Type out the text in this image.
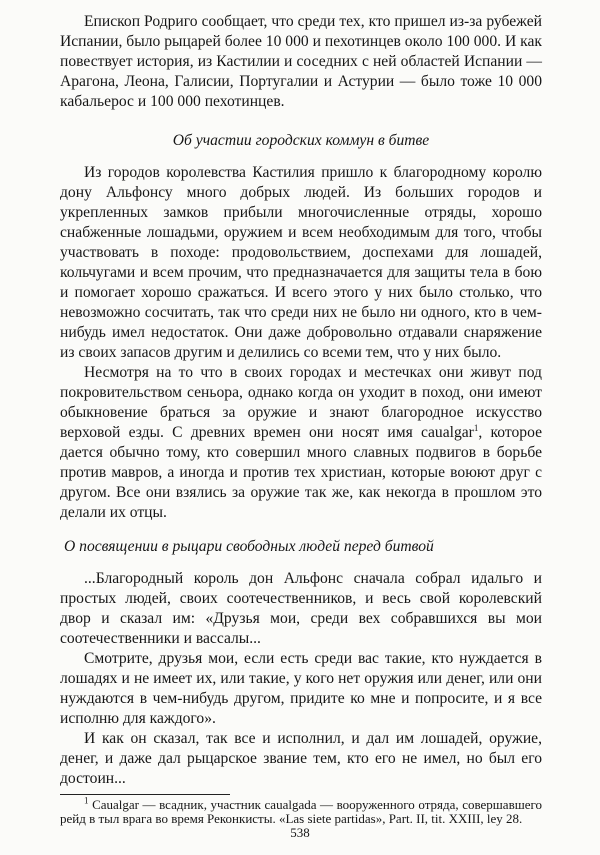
Епископ Родриго сообщает, что среди тех, кто пришел из-за рубежей Испании, было рыцарей более 10 000 и пехотинцев около 100 000. И как повествует история, из Кастилии и соседних с ней областей Испании — Арагона, Леона, Галисии, Португалии и Астурии — было тоже 10 000 кабальерос и 100 000 пехотинцев.

Об участии городских коммун в битве

Из городов королевства Кастилия пришло к благородному королю дону Альфонсу много добрых людей. Из больших городов и укрепленных замков прибыли многочисленные отряды, хорошо снабженные лошадьми, оружием и всем необходимым для того, чтобы участвовать в походе: продовольствием, доспехами для лошадей, кольчугами и всем прочим, что предназначается для защиты тела в бою и помогает хорошо сражаться. И всего этого у них было столько, что невозможно сосчитать, так что среди них не было ни одного, кто в чем-нибудь имел недостаток. Они даже добровольно отдавали снаряжение из своих запасов другим и делились со всеми тем, что у них было.

Несмотря на то что в своих городах и местечках они живут под покровительством сеньора, однако когда он уходит в поход, они имеют обыкновение браться за оружие и знают благородное искусство верховой езды. С древних времен они носят имя caualgar$^1$, которое дается обычно тому, кто совершил много славных подвигов в борьбе против мавров, а иногда и против тех христиан, которые воюют друг с другом. Все они взялись за оружие так же, как некогда в прошлом это делали их отцы.

О посвящении в рыцари свободных людей перед битвой

...Благородный король дон Альфонс сначала собрал идальго и простых людей, своих соотечественников, и весь свой королевский двор и сказал им: «Друзья мои, среди вех собравшихся вы мои соотечественники и вассалы...

Смотрите, друзья мои, если есть среди вас такие, кто нуждается в лошадях и не имеет их, или такие, у кого нет оружия или денег, или они нуждаются в чем-нибудь другом, придите ко мне и попросите, и я все исполню для каждого».

И как он сказал, так все и исполнил, и дал им лошадей, оружие, денег, и даже дал рыцарское звание тем, кто его не имел, но был его достоин...

$^1$ Caualgar — всадник, участник caualgada — вооруженного отряда, совершавшего рейд в тыл врага во время Реконкисты. «Las siete partidas», Part. II, tit. XXIII, ley 28.

538
